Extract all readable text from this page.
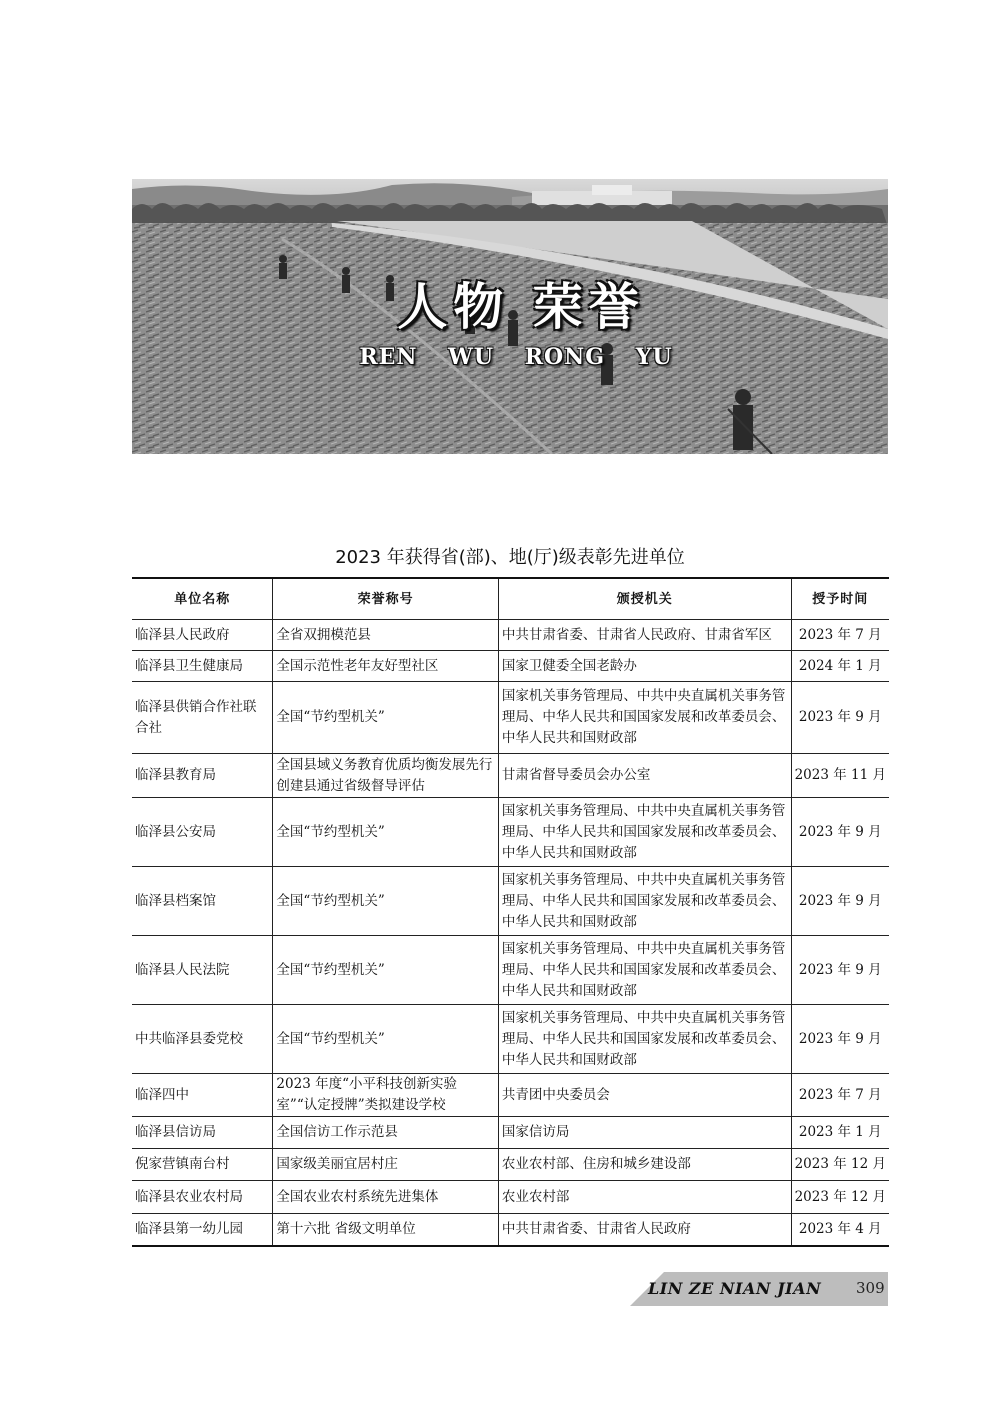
人物 荣誉
REN WU RONG YU
2023 年获得省(部)、地(厅)级表彰先进单位
单位名称	荣誉称号	颁授机关	授予时间
临泽县人民政府	全省双拥模范县	中共甘肃省委、甘肃省人民政府、甘肃省军区	2023 年 7 月
临泽县卫生健康局	全国示范性老年友好型社区	国家卫健委全国老龄办	2024 年 1 月
临泽县供销合作社联合社	全国“节约型机关”	国家机关事务管理局、中共中央直属机关事务管理局、中华人民共和国国家发展和改革委员会、中华人民共和国财政部	2023 年 9 月
临泽县教育局	全国县域义务教育优质均衡发展先行创建县通过省级督导评估	甘肃省督导委员会办公室	2023 年 11 月
临泽县公安局	全国“节约型机关”	国家机关事务管理局、中共中央直属机关事务管理局、中华人民共和国国家发展和改革委员会、中华人民共和国财政部	2023 年 9 月
临泽县档案馆	全国“节约型机关”	国家机关事务管理局、中共中央直属机关事务管理局、中华人民共和国国家发展和改革委员会、中华人民共和国财政部	2023 年 9 月
临泽县人民法院	全国“节约型机关”	国家机关事务管理局、中共中央直属机关事务管理局、中华人民共和国国家发展和改革委员会、中华人民共和国财政部	2023 年 9 月
中共临泽县委党校	全国“节约型机关”	国家机关事务管理局、中共中央直属机关事务管理局、中华人民共和国国家发展和改革委员会、中华人民共和国财政部	2023 年 9 月
临泽四中	2023 年度“小平科技创新实验室”“认定授牌”类拟建设学校	共青团中央委员会	2023 年 7 月
临泽县信访局	全国信访工作示范县	国家信访局	2023 年 1 月
倪家营镇南台村	国家级美丽宜居村庄	农业农村部、住房和城乡建设部	2023 年 12 月
临泽县农业农村局	全国农业农村系统先进集体	农业农村部	2023 年 12 月
临泽县第一幼儿园	第十六批 省级文明单位	中共甘肃省委、甘肃省人民政府	2023 年 4 月
LIN ZE NIAN JIAN 309
